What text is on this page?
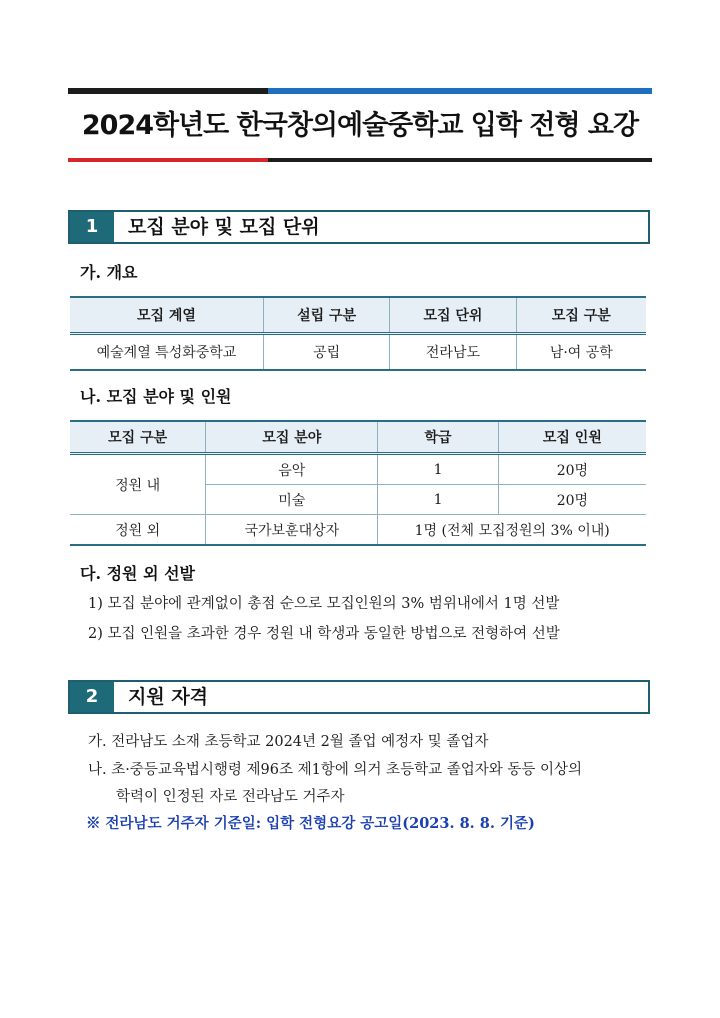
2024학년도 한국창의예술중학교 입학 전형 요강
1	모집 분야 및 모집 단위
가. 개요
모집 계열	설립 구분	모집 단위	모집 구분
예술계열 특성화중학교	공립	전라남도	남·여 공학
나. 모집 분야 및 인원
모집 구분	모집 분야	학급	모집 인원
정원 내	음악	1	20명
	미술	1	20명
정원 외	국가보훈대상자	1명 (전체 모집정원의 3% 이내)	
다. 정원 외 선발
1) 모집 분야에 관계없이 총점 순으로 모집인원의 3% 범위내에서 1명 선발
2) 모집 인원을 초과한 경우 정원 내 학생과 동일한 방법으로 전형하여 선발
2	지원 자격
가. 전라남도 소재 초등학교 2024년 2월 졸업 예정자 및 졸업자
나. 초·중등교육법시행령 제96조 제1항에 의거 초등학교 졸업자와 동등 이상의
학력이 인정된 자로 전라남도 거주자
※ 전라남도 거주자 기준일: 입학 전형요강 공고일(2023. 8. 8. 기준)
